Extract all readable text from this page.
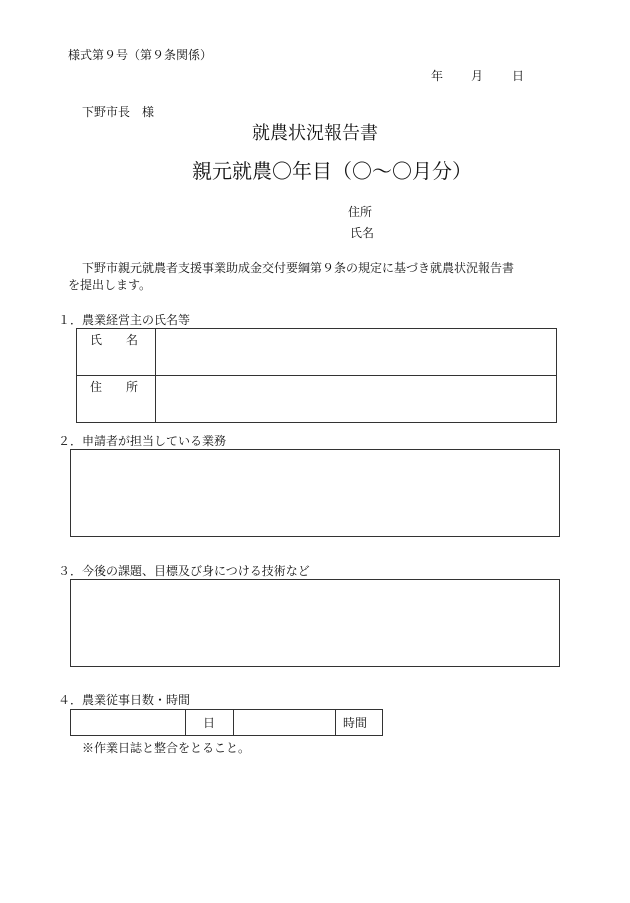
様式第９号（第９条関係）
年 月 日
下野市長　様
就農状況報告書
親元就農〇年目（〇～〇月分）
住所
氏名
下野市親元就農者支援事業助成金交付要綱第９条の規定に基づき就農状況報告書
を提出します。
１．農業経営主の氏名等
氏　　名
住　　所
２．申請者が担当している業務
３．今後の課題、目標及び身につける技術など
４．農業従事日数・時間
日	時間
※作業日誌と整合をとること。
